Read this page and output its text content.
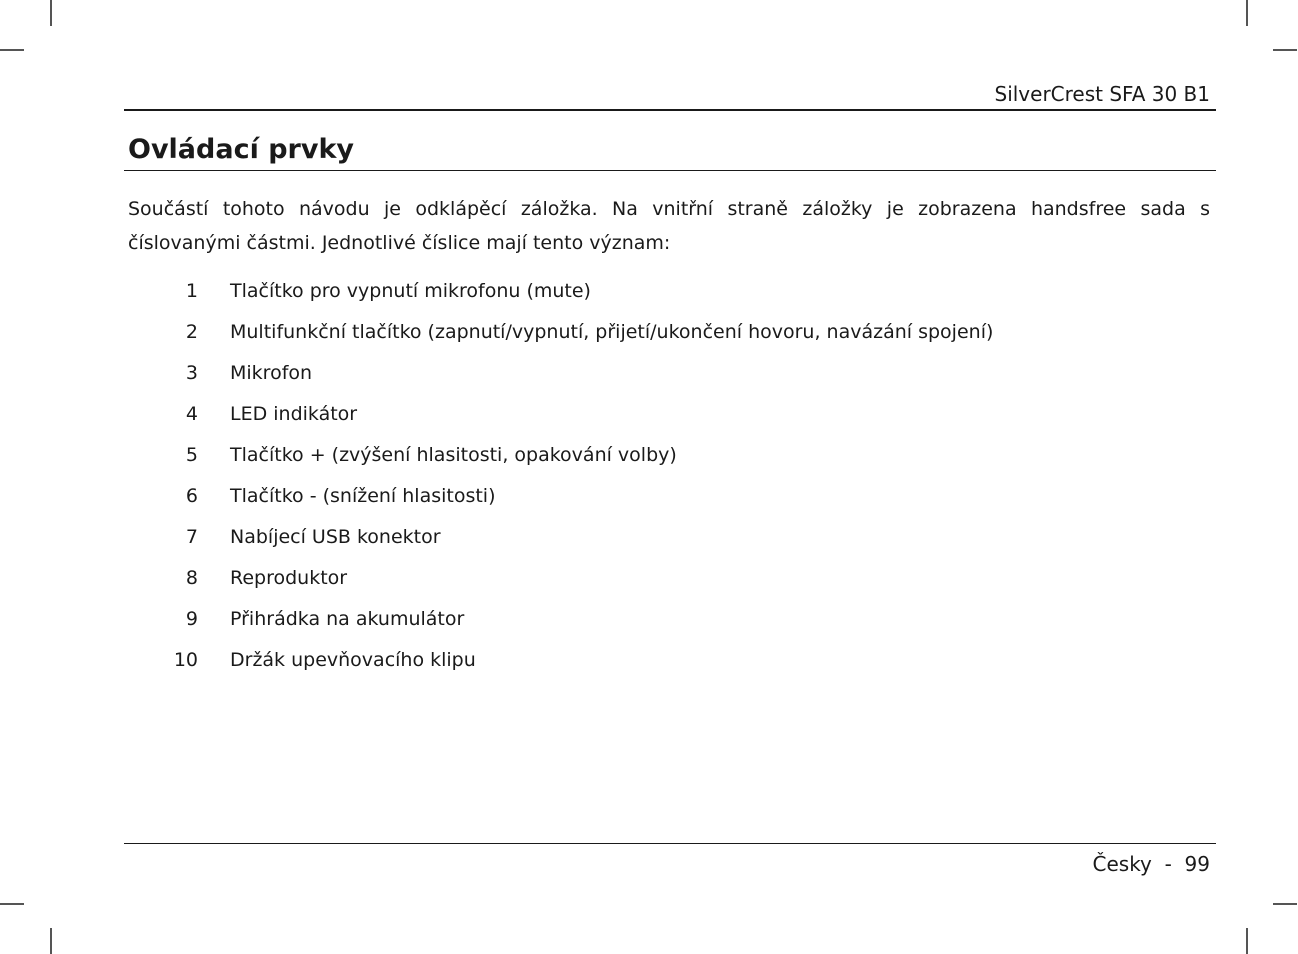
SilverCrest SFA 30 B1
Ovládací prvky

Součástí tohoto návodu je odklápěcí záložka. Na vnitřní straně záložky je zobrazena handsfree sada s číslovanými částmi. Jednotlivé číslice mají tento význam:

1 Tlačítko pro vypnutí mikrofonu (mute)
2 Multifunkční tlačítko (zapnutí/vypnutí, přijetí/ukončení hovoru, navázání spojení)
3 Mikrofon
4 LED indikátor
5 Tlačítko + (zvýšení hlasitosti, opakování volby)
6 Tlačítko - (snížení hlasitosti)
7 Nabíjecí USB konektor
8 Reproduktor
9 Přihrádka na akumulátor
10 Držák upevňovacího klipu
Česky  -  99
